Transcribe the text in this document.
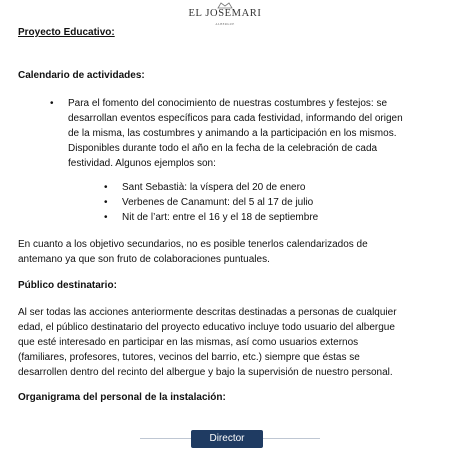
EL JOSEMARI
ALBERGUE
Proyecto Educativo:
Calendario de actividades:
• Para el fomento del conocimiento de nuestras costumbres y festejos: se
desarrollan eventos específicos para cada festividad, informando del origen
de la misma, las costumbres y animando a la participación en los mismos.
Disponibles durante todo el año en la fecha de la celebración de cada
festividad. Algunos ejemplos son:
• Sant Sebastià: la víspera del 20 de enero
• Verbenes de Canamunt: del 5 al 17 de julio
• Nit de l’art: entre el 16 y el 18 de septiembre
En cuanto a los objetivo secundarios, no es posible tenerlos calendarizados de
antemano ya que son fruto de colaboraciones puntuales.
Público destinatario:
Al ser todas las acciones anteriormente descritas destinadas a personas de cualquier
edad, el público destinatario del proyecto educativo incluye todo usuario del albergue
que esté interesado en participar en las mismas, así como usuarios externos
(familiares, profesores, tutores, vecinos del barrio, etc.) siempre que éstas se
desarrollen dentro del recinto del albergue y bajo la supervisión de nuestro personal.
Organigrama del personal de la instalación:
Director
